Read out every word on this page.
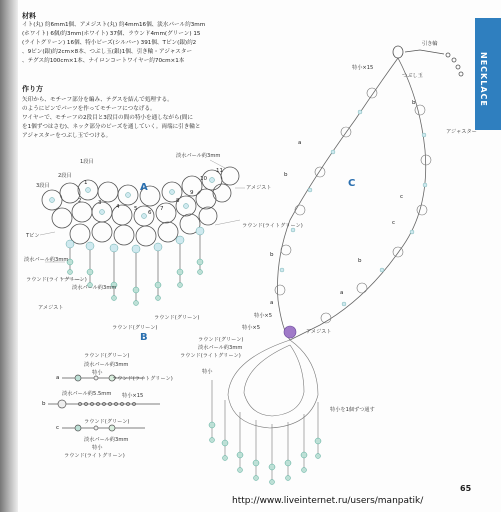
NECKLACE
材料
イト(丸) 約6mm1個、アメジスト(丸) 約4mm16個、淡水パール約3mm
(ホワイト) 6個/約3mm(ホワイト) 37個、ラウンド4mm(グリーン) 15
(ライトグリーン) 16個、特小ビーズ(シルバー) 391個、Tピン(銀)約2
、9ピン(銀)約2cm×8本、つぶし玉(銀)1個、引き輪・アジャスター
、テグス約100cm×1本、ナイロンコートワイヤー約70cm×1本
作り方
矢印から、モチーフ部分を編み、テグスを結んで処理する。
のようにピンでパーツを作ってモチーフにつなげる。
ワイヤーで、モチーフの2段目と3段目の間の特小を通しながら(間に
を1個ずつはさむ)、ネック部分のビーズを通していく。両端に引き輪と
アジャスターをつぶし玉でつける。
A
1段目
2段目
3段目
淡水パール約3mm
アメジスト
ラウンド(ライトグリーン)
Tピン
淡水パール約3mm
ラウンド(ライトグリーン)
淡水パール約3mm
アメジスト
ラウンド(グリーン)
ラウンド(グリーン)
1
2	3
4	5
6
7
8
9
10
11
B
ラウンド(グリーン)
淡水パール約3mm
特小
ラウンド(ライトグリーン)
淡水パール約5.5mm 特小×15
ラウンド(グリーン)
淡水パール約3mm
特小
ラウンド(ライトグリーン)
a
b
c
C
引き輪
つぶし玉
特小×15
アジャスター
特小×5
特小×5
アメジスト
ラウンド(グリーン)
淡水パール約3mm
ラウンド(ライトグリーン)
特小
特小を1個ずつ通す
a
b
c
b
a
b
c
b
a
65
http://www.liveinternet.ru/users/manpatik/
